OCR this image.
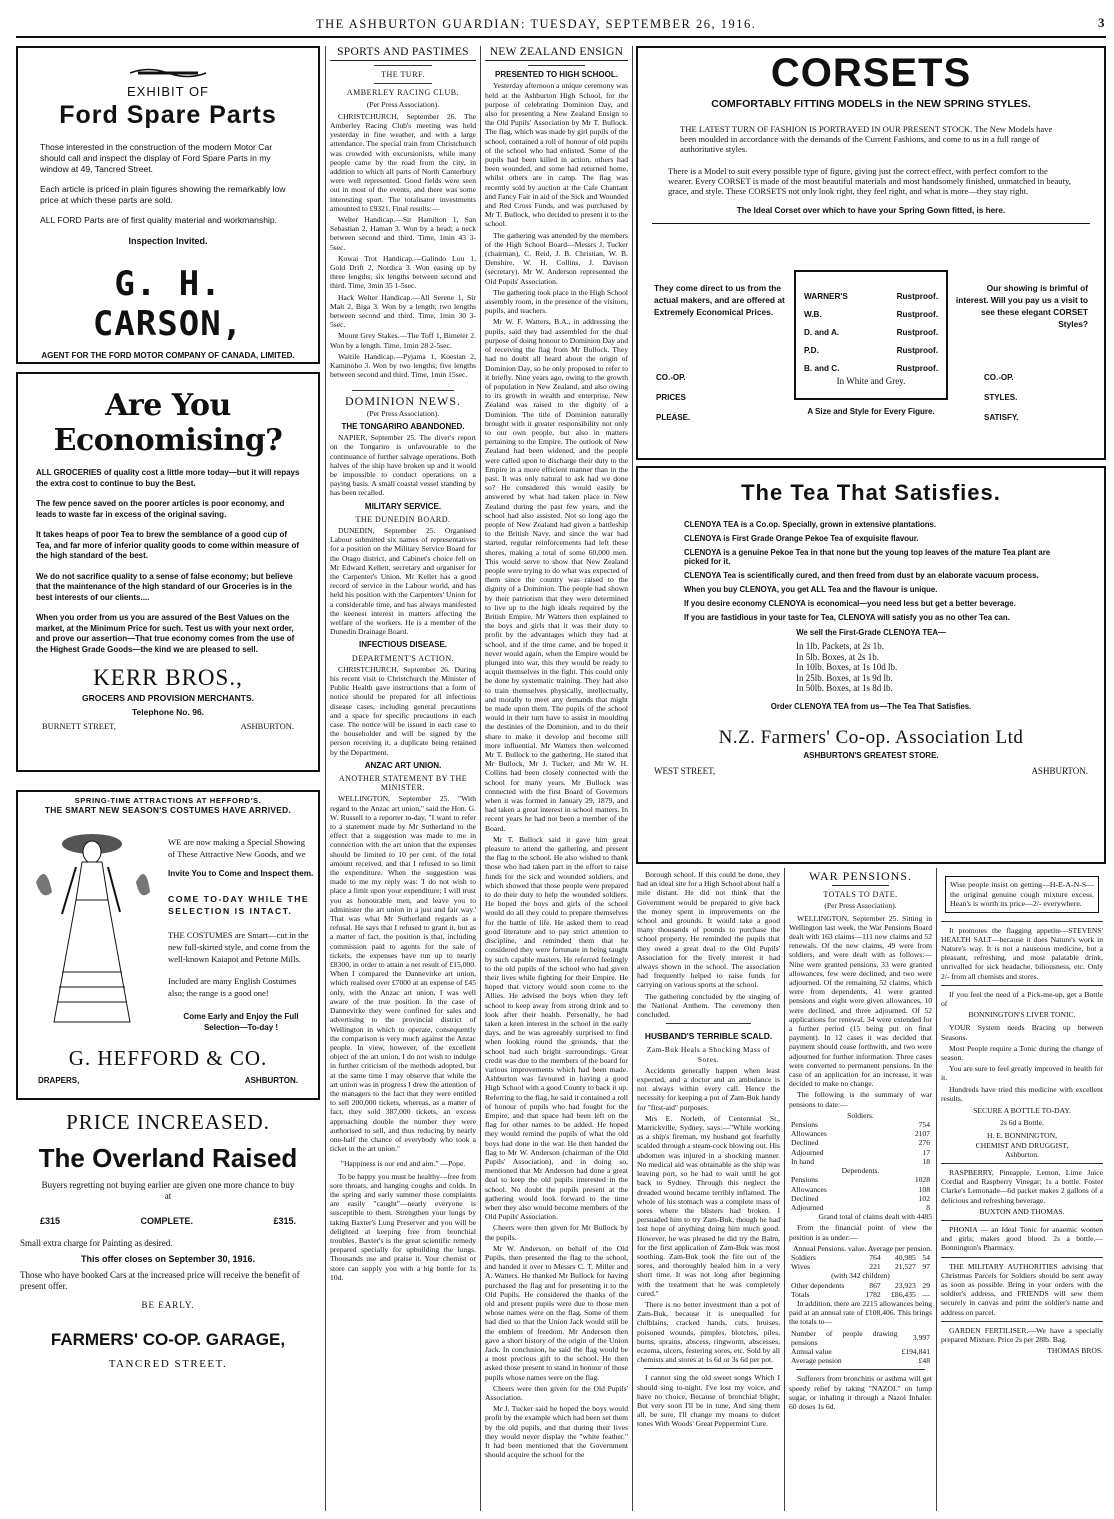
THE ASHBURTON GUARDIAN: TUESDAY, SEPTEMBER 26, 1916.	3
EXHIBIT OF
Ford Spare Parts
Those interested in the construction of the modern Motor Car should call and inspect the display of Ford Spare Parts in my window at 49, Tancred Street.
Each article is priced in plain figures showing the remarkably low price at which these parts are sold.
ALL FORD Parts are of first quality material and workmanship.
Inspection Invited.
G. H. CARSON,
AGENT FOR THE FORD MOTOR COMPANY OF CANADA, LIMITED.
Are You Economising?
ALL GROCERIES of quality cost a little more today—but it will repays the extra cost to continue to buy the Best.
The few pence saved on the poorer articles is poor economy, and leads to waste far in excess of the original saving.
It takes heaps of poor Tea to brew the semblance of a good cup of Tea, and far more of inferior quality goods to come within measure of the high standard of the best.
We do not sacrifice quality to a sense of false economy; but believe that the maintenance of the high standard of our Groceries is in the best interests of our clients....
When you order from us you are assured of the Best Values on the market, at the Minimum Price for such. Test us with your next order, and prove our assertion—That true economy comes from the use of the Highest Grade Goods—the kind we are pleased to sell.
KERR BROS.,
GROCERS AND PROVISION MERCHANTS.
Telephone No. 96.
BURNETT STREET,	ASHBURTON.
SPRING-TIME ATTRACTIONS AT HEFFORD'S.
THE SMART NEW SEASON'S COSTUMES HAVE ARRIVED.
WE are now making a Special Showing of These Attractive New Goods, and we
Invite You to Come and Inspect them.
COME TO-DAY WHILE THE SELECTION IS INTACT.
THE COSTUMES are Smart—cut in the new full-skirted style, and come from the well-known Kaiapoi and Petone Mills.
Included are many English Costumes also; the range is a good one!
Come Early and Enjoy the Full Selection—To-day !
G. HEFFORD & CO.
DRAPERS,	ASHBURTON.
PRICE INCREASED.
The Overland Raised
Buyers regretting not buying earlier are given one more chance to buy at
£315	COMPLETE.	£315.
Small extra charge for Painting as desired.
This offer closes on September 30, 1916.
Those who have booked Cars at the increased price will receive the benefit of present offer.
BE EARLY.
FARMERS' CO-OP. GARAGE,
TANCRED STREET.
SPORTS AND PASTIMES
THE TURF.
AMBERLEY RACING CLUB.
(Per Press Association).

CHRISTCHURCH, September 26. The Amberley Racing Club's meeting was held yesterday in fine weather, and with a large attendance. The special train from Christchurch was crowded with excursionists, while many people came by the road from the city, in addition to which all parts of North Canterbury were well represented. Good fields were seen out in most of the events, and there was some interesting sport. The totalisator investments amounted to £9321. Final results:—

Welter Handicap.—Sir Hamilton 1, San Sebastian 2, Haman 3. Won by a head; a neck between second and third. Time, 1min 43 3-5sec.

Kowai Trot Handicap.—Galindo Lou 1, Gold Drift 2, Nordica 3. Won easing up by three lengths; six lengths between second and third. Time, 3min 35 1-5sec.

Hack Welter Handicap.—All Serene 1, Sir Malt 2, Biga 3. Won by a length; two lengths between second and third. Time, 1min 30 3-5sec.

Mount Grey Stakes.—The Toff 1, Bimeter 2. Won by a length. Time, 1min 28 2-5sec.

Waitile Handicap.—Pyjama 1, Koesian 2, Kaminoho 3. Won by two lengths; five lengths between second and third. Time, 1min 15sec.

DOMINION NEWS.
(Per Press Association).
THE TONGARIRO ABANDONED.

NAPIER, September 25. The diver's report on the Tongariro is unfavourable to the continuance of further salvage operations. Both halves of the ship have broken up and it would be impossible to conduct operations on a paying basis. A small coastal vessel standing by has been recalled.

MILITARY SERVICE.
THE DUNEDIN BOARD.

DUNEDIN, September 25. Organised Labour submitted six names of representatives for a position on the Military Service Board for the Otago district, and Cabinet's choice fell on Mr Edward Kellett, secretary and organiser for the Carpenter's Union. Mr Kellet has a good record of service in the Labour world, and has held his position with the Carpenters' Union for a considerable time, and has always manifested the keenest interest in matters affecting the welfare of the workers. He is a member of the Dunedin Drainage Board.

INFECTIOUS DISEASE.
DEPARTMENT'S ACTION.

CHRISTCHURCH, September 26. During his recent visit to Christchurch the Minister of Public Health gave instructions that a form of notice should be prepared for all infectious disease cases, including general precautions and a space for specific precautions in each case. The notice will be issued in each case to the householder and will be signed by the person receiving it, a duplicate being retained by the Department.

ANZAC ART UNION.
ANOTHER STATEMENT BY THE MINISTER.

WELLINGTON, September 25. "With regard to the Anzac art union," said the Hon. G. W. Russell to a reporter to-day, "I want to refer to a statement made by Mr Sutherland to the effect that a suggestion was made to me in connection with the art union that the expenses should be limited to 10 per cent. of the total amount received, and that I refused to so limit the expenditure. When the suggestion was made to me my reply was: 'I do not wish to place a limit upon your expenditure; I will trust you as honourable men, and leave you to administer the art union in a just and fair way.' That was what Mr Sutherland regards as a refusal. He says that I refused to grant it, but as a matter of fact, the position is that, including commission paid to agents for the sale of tickets, the expenses have run up to nearly £8300, in order to attain a net result of £15,000. When I compared the Dannevirke art union, which realised over £7000 at an expense of £45 only, with the Anzac art union, I was well aware of the true position. In the case of Dannevirke they were confined for sales and advertising to the provincial district of Wellington in which to operate, consequently the comparison is very much against the Anzac people. In view, however, of the excellent object of the art union, I do not wish to indulge in further criticism of the methods adopted, but at the same time I may observe that while the art union was in progress I drew the attention of the managers to the fact that they were entitled to sell 200,000 tickets, whereas, as a matter of fact, they sold 387,000 tickets, an excess approaching double the number they were authorised to sell, and thus reducing by nearly one-half the chance of everybody who took a ticket in the art union."

"Happiness is our end and aim." —Pope.

To be happy you must be healthy—free from sore throats, and hanging coughs and colds. In the spring and early summer those complaints are easily "caught"—nearly everyone is susceptible to them. Strengthen your lungs by taking Baxter's Lung Preserver and you will be delighted at keeping free from bronchial troubles. Baxter's is the great scientific remedy prepared specially for upbuilding the lungs. Thousands use and praise it. Your chemist or store can supply you with a big bottle for 1s 10d.

NEW ZEALAND ENSIGN
PRESENTED TO HIGH SCHOOL.

Yesterday afternoon a unique ceremony was held at the Ashburton High School, for the purpose of celebrating Dominion Day, and also for presenting a New Zealand Ensign to the Old Pupils' Association by Mr T. Bullock. The flag, which was made by girl pupils of the school, contained a roll of honour of old pupils of the school who had enlisted. Some of the pupils had been killed in action, others had been wounded, and some had returned home, whilst others are in camp. The flag was recently sold by auction at the Cafe Chantant and Fancy Fair in aid of the Sick and Wounded and Red Cross Funds, and was purchased by Mr T. Bullock, who decided to present it to the school.

The gathering was attended by the members of the High School Board—Messrs J. Tucker (chairman), C. Reid, J. B. Christian, W. B. Denshire, W. H. Collins, J. Davison (secretary). Mr W. Anderson represented the Old Pupils' Association.

The gathering took place in the High School assembly room, in the presence of the visitors, pupils, and teachers.

Mr W. F. Watters, B.A., in addressing the pupils, said they had assembled for the dual purpose of doing honour to Dominion Day and of receiving the flag from Mr Bullock. They had no doubt all heard about the origin of Dominion Day, so he only proposed to refer to it briefly. Nine years ago, owing to the growth of population in New Zealand, and also owing to its growth in wealth and enterprise, New Zealand was raised to the dignity of a Dominion. The title of Dominion naturally brought with it greater responsibility not only to our own people, but also in matters pertaining to the Empire. The outlook of New Zealand had been widened, and the people were called upon to discharge their duty to the Empire in a more efficient manner than in the past. It was only natural to ask had we done so? He considered this would easily be answered by what had taken place in New Zealand during the past few years, and the school had also assisted. Not so long ago the people of New Zealand had given a battleship to the British Navy, and since the war had started, regular reinforcements had left these shores, making a total of some 60,000 men. This would serve to show that New Zealand people were trying to do what was expected of them since the country was raised to the dignity of a Dominion. The people had shown by their patriotism that they were determined to live up to the high ideals required by the British Empire. Mr Watters then explained to the boys and girls that it was their duty to profit by the advantages which they had at school, and if the time came, and he hoped it never would again, when the Empire would be plunged into war, this they would be ready to acquit themselves in the fight. This could only be done by systematic training. They had also to train themselves physically, intellectually, and morally to meet any demands that might be made upon them. The pupils of the school would in their turn have to assist in moulding the destinies of the Dominion, and to do their share to make it develop and become still more influential. Mr Watters then welcomed Mr T. Bullock to the gathering. He stated that Mr Bullock, Mr J. Tucker, and Mr W. H. Collins had been closely connected with the school for many years. Mr Bullock was connected with the first Board of Governors when it was formed in January 29, 1879, and had taken a great interest in school matters. In recent years he had not been a member of the Board.

Mr T. Bullock said it gave him great pleasure to attend the gathering, and present the flag to the school. He also wished to thank those who had taken part in the effort to raise funds for the sick and wounded soldiers, and which showed that those people were prepared to do their duty to help the wounded soldiers. He hoped the boys and girls of the school would do all they could to prepare themselves for the battle of life. He asked them to read good literature and to pay strict attention to discipline, and reminded them that he considered they were fortunate in being taught by such capable masters. He referred feelingly to the old pupils of the school who had given their lives while fighting for their Empire. He hoped that victory would soon come to the Allies. He advised the boys when they left school to keep away from strong drink and to look after their health. Personally, he had taken a keen interest in the school in the early days, and he was agreeably surprised to find when looking round the grounds, that the school had such bright surroundings. Great credit was due to the members of the board for various improvements which had been made. Ashburton was favoured in having a good High School with a good County to back it up. Referring to the flag, he said it contained a roll of honour of pupils who had fought for the Empire, and that space had been left on the flag for other names to be added. He hoped they would remind the pupils of what the old boys had done in the war. He then handed the flag to Mr W. Anderson (chairman of the Old Pupils' Association), and in doing so, mentioned that Mr Anderson had done a great deal to keep the old pupils interested in the school. No doubt the pupils present at the gathering would look forward to the time when they also would become members of the Old Pupils' Association.

Cheers were then given for Mr Bullock by the pupils.

Mr W. Anderson, on behalf of the Old Pupils, then presented the flag to the school, and handed it over to Messrs C. T. Miller and A. Watters. He thanked Mr Bullock for having purchased the flag and for presenting it to the Old Pupils. He considered the thanks of the old and present pupils were due to those men whose names were on the flag. Some of them had died so that the Union Jack would still be the emblem of freedom. Mr Anderson then gave a short history of the origin of the Union Jack. In conclusion, he said the flag would be a most precious gift to the school. He then asked those present to stand in honour of those pupils whose names were on the flag.

Cheers were then given for the Old Pupils' Association.

Mr J. Tucker said he hoped the boys would profit by the example which had been set them by the old pupils, and that during their lives they would never display the "white feather." It had been mentioned that the Government should acquire the school for the

CORSETS
COMFORTABLY FITTING MODELS in the NEW SPRING STYLES.
THE LATEST TURN OF FASHION IS PORTRAYED IN OUR PRESENT STOCK. The New Models have been moulded in accordance with the demands of the Current Fashions, and come to us in a full range of authoritative styles.
There is a Model to suit every possible type of figure, giving just the correct effect, with perfect comfort to the wearer. Every CORSET is made of the most beautiful materials and most handsomely finished, unmatched in beauty, grace, and style. These CORSETS not only look right, they feel right, and what is more—they stay right.
The Ideal Corset over which to have your Spring Gown fitted, is here.
They come direct to us from the actual makers, and are offered at Extremely Economical Prices.
Our showing is brimful of interest. Will you pay us a visit to see these elegant CORSET Styles?
WARNER'S	Rustproof.
W.B.	Rustproof.
D. and A.	Rustproof.
P.D.	Rustproof.
B. and C.	Rustproof.
In White and Grey.
A Size and Style for Every Figure.
CO.-OP.
PRICES
PLEASE.
CO.-OP.
STYLES.
SATISFY.
The Tea That Satisfies.
CLENOYA TEA is a Co.op. Specially, grown in extensive plantations.
CLENOYA is First Grade Orange Pekoe Tea of exquisite flavour.
CLENOYA is a genuine Pekoe Tea in that none but the young top leaves of the mature Tea plant are picked for it.
CLENOYA Tea is scientifically cured, and then freed from dust by an elaborate vacuum process.
When you buy CLENOYA, you get ALL Tea and the flavour is unique.
If you desire economy CLENOYA is economical—you need less but get a better beverage.
If you are fastidious in your taste for Tea, CLENOYA will satisfy you as no other Tea can.
We sell the First-Grade CLENOYA TEA—
In 1lb. Packets, at 2s 1b.
In 5lb. Boxes, at 2s 1b.
In 10lb. Boxes, at 1s 10d lb.
In 25lb. Boxes, at 1s 9d lb.
In 50lb. Boxes, at 1s 8d lb.
Order CLENOYA TEA from us—The Tea That Satisfies.
N.Z. Farmers' Co-op. Association Ltd
ASHBURTON'S GREATEST STORE.
WEST STREET,	ASHBURTON.

Borough school. If this could be done, they had an ideal site for a High School about half a mile distant. He did not think that the Government would be prepared to give back the money spent in improvements on the school and grounds. It would take a good many thousands of pounds to purchase the school property. He reminded the pupils that they owed a great deal to the Old Pupils' Association for the lively interest it had always shown in the school. The association had frequently helped to raise funds for carrying on various sports at the school.

The gathering concluded by the singing of the National Anthem. The ceremony then concluded.

HUSBAND'S TERRIBLE SCALD.
Zam-Buk Heals a Shocking Mass of Sores.

Accidents generally happen when least expected, and a doctor and an ambulance is not always within every call. Hence the necessity for keeping a pot of Zam-Buk handy for "first-aid" purposes.

Mrs E. Norleth, of Centennial St., Marrickville, Sydney, says:—"While working as a ship's fireman, my husband got fearfully scalded through a steam-cock blowing out. His abdomen was injured in a shocking manner. No medical aid was obtainable as the ship was leaving port, so he had to wait until he got back to Sydney. Through this neglect the dreaded wound became terribly inflamed. The whole of his stomach was a complete mass of sores where the blisters had broken. I persuaded him to try Zam-Buk, though he had lost hope of anything doing him much good. However, he was pleased he did try the Balm, for the first application of Zam-Buk was most soothing. Zam-Buk took the fire out of the sores, and thoroughly healed him in a very short time. It was not long after beginning with the treatment that he was completely cured."

There is no better investment than a pot of Zam-Buk, because it is unequalled for chilblains, cracked hands, cuts, bruises, poisoned wounds, pimples, blotches, piles, burns, sprains, abscess, ringworm, abscesses, eczema, ulcers, festering sores, etc. Sold by all chemists and stores at 1s 6d or 3s 6d per pot.

I cannot sing the old sweet songs Which I should sing to-night. I've lost my voice, and have no choice, Because of bronchial blight; But very soon I'll be in tune, And sing them all, be sure, I'll change my moans to dulcet tones With Woods' Great Peppermint Cure.

WAR PENSIONS.
TOTALS TO DATE.
(Per Press Association).

WELLINGTON, September 25. Sitting in Wellington last week, the War Pensions Board dealt with 163 claims—111 new claims and 52 renewals. Of the new claims, 49 were from soldiers, and were dealt with as follows:—Nine were granted pensions, 33 were granted allowances, few were declined, and two were adjourned. Of the remaining 52 claims, which were from dependents, 41 were granted pensions and eight were given allowances, 10 were declined, and three adjourned. Of 52 applications for renewal, 34 were extended for a further period (15 being put on final payment). In 12 cases it was decided that payment should cease forthwith, and two were adjourned for further information. Three cases were converted to permanent pensions. In the case of an application for an increase, it was decided to make no change.

The following is the summary of war pensions to date:—

Soldiers.
Pensions	754
Allowances	2107
Declined	276
Adjourned	17
In hand	18
Dependents.
Pensions	1028
Allowances	108
Declined	102
Adjourned	8

Grand total of claims dealt with 4485

From the financial point of view the position is as under:—

Annual Pensions. value. Average per pension.
Soldiers	764	40,985	54
Wives	221	21,527	97
(with 342 children)			
Other dependents	867	23,923	29
Totals	1782	£86,435	—

In addition, there are 2215 allowances being paid at an annual rate of £108,406. This brings the totals to—

Number of people drawing pensions	3,997
Annual value	£194,841
Average pension	£48

Sufferers from bronchitis or asthma will get speedy relief by taking "NAZOL" on lump sugar, or inhaling it through a Nazol Inhaler. 60 doses 1s 6d.

Wise people insist on getting—H-E-A-N-S—the original genuine cough mixture excess. Hean's is worth its price—2/- everywhere.

It promotes the flagging appetite—STEVENS' HEALTH SALT—because it does Nature's work in Nature's way. It is not a nauseous medicine, but a pleasant, refreshing, and most palatable drink, unrivalled for sick headache, biliousness, etc. Only 2/- from all chemists and stores.

If you feel the need of a Pick-me-up, get a Bottle of

BONNINGTON'S LIVER TONIC.

YOUR System needs Bracing up between Seasons.

Most People require a Tonic during the change of season.

You are sure to feel greatly improved in health for it.

Hundreds have tried this medicine with excellent results.

SECURE A BOTTLE TO-DAY.
2s 6d a Bottle.
H. E. BONNINGTON,
CHEMIST AND DRUGGIST,
Ashburton.

RASPBERRY, Pineapple, Lemon, Lime Juice Cordial and Raspberry Vinegar; 1s a bottle. Foster Clarke's Lemonade—6d packet makes 2 gallons of a delicious and refreshing beverage.

BUXTON AND THOMAS.

PHONIA — an Ideal Tonic for anaemic women and girls; makes good blood. 2s a bottle.—Bonnington's Pharmacy.

THE MILITARY AUTHORITIES advising that Christmas Parcels for Soldiers should be sent away as soon as possible. Bring in your orders with the soldier's address, and FRIENDS will sew them securely in canvas and print the soldier's name and address on parcel.

GARDEN FERTILISER.—We have a specially prepared Mixture. Price 2s per 28lb. Bag.

THOMAS BROS.
